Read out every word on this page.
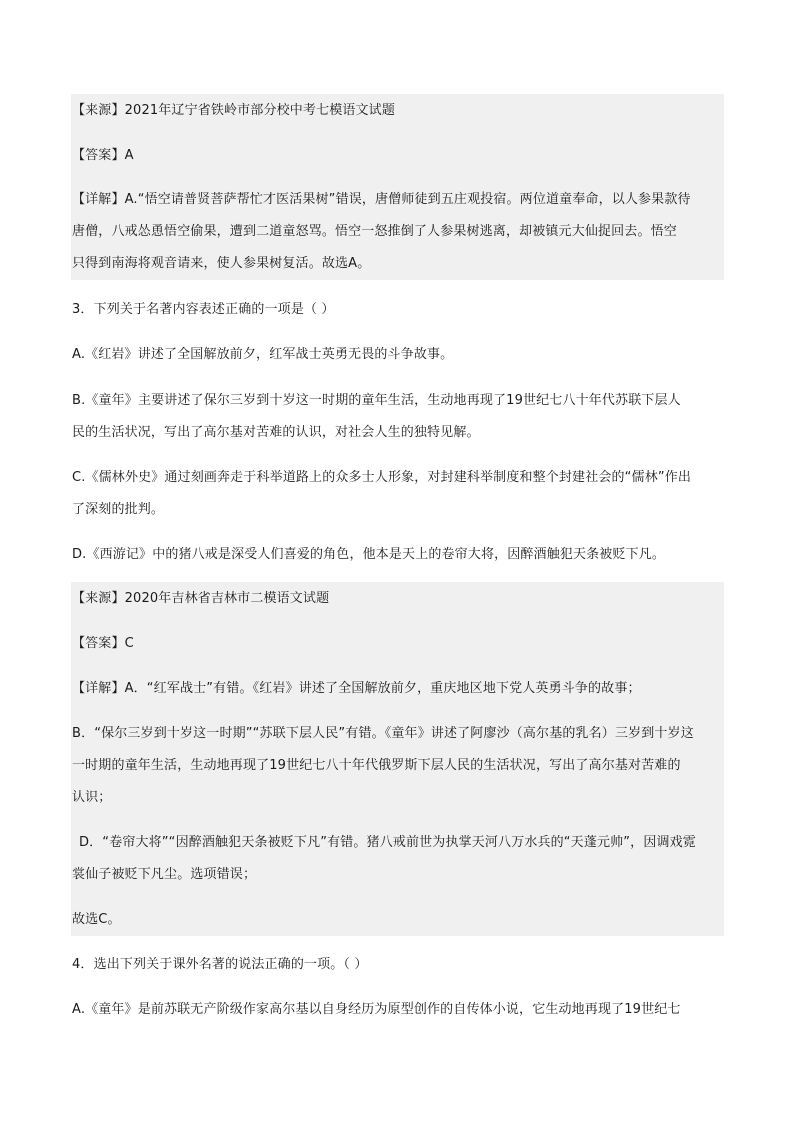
【来源】2021年辽宁省铁岭市部分校中考七模语文试题
【答案】A
【详解】A.“悟空请普贤菩萨帮忙才医活果树”错误，唐僧师徒到五庄观投宿。两位道童奉命，以人参果款待
唐僧，八戒怂恿悟空偷果，遭到二道童怒骂。悟空一怒推倒了人参果树逃离，却被镇元大仙捉回去。悟空
只得到南海将观音请来，使人参果树复活。故选A。
3．下列关于名著内容表述正确的一项是（ ）
A.《红岩》讲述了全国解放前夕，红军战士英勇无畏的斗争故事。
B.《童年》主要讲述了保尔三岁到十岁这一时期的童年生活，生动地再现了19世纪七八十年代苏联下层人
民的生活状况，写出了高尔基对苦难的认识，对社会人生的独特见解。
C.《儒林外史》通过刻画奔走于科举道路上的众多士人形象，对封建科举制度和整个封建社会的“儒林”作出
了深刻的批判。
D.《西游记》中的猪八戒是深受人们喜爱的角色，他本是天上的卷帘大将，因醉酒触犯天条被贬下凡。
【来源】2020年吉林省吉林市二模语文试题
【答案】C
【详解】A．“红军战士”有错。《红岩》讲述了全国解放前夕，重庆地区地下党人英勇斗争的故事；
B．“保尔三岁到十岁这一时期”“苏联下层人民”有错。《童年》讲述了阿廖沙（高尔基的乳名）三岁到十岁这
一时期的童年生活，生动地再现了19世纪七八十年代俄罗斯下层人民的生活状况，写出了高尔基对苦难的
认识；
D．“卷帘大将”“因醉酒触犯天条被贬下凡”有错。猪八戒前世为执掌天河八万水兵的“天蓬元帅”，因调戏霓
裳仙子被贬下凡尘。选项错误；
故选C。
4．选出下列关于课外名著的说法正确的一项。（ ）
A.《童年》是前苏联无产阶级作家高尔基以自身经历为原型创作的自传体小说，它生动地再现了19世纪七
